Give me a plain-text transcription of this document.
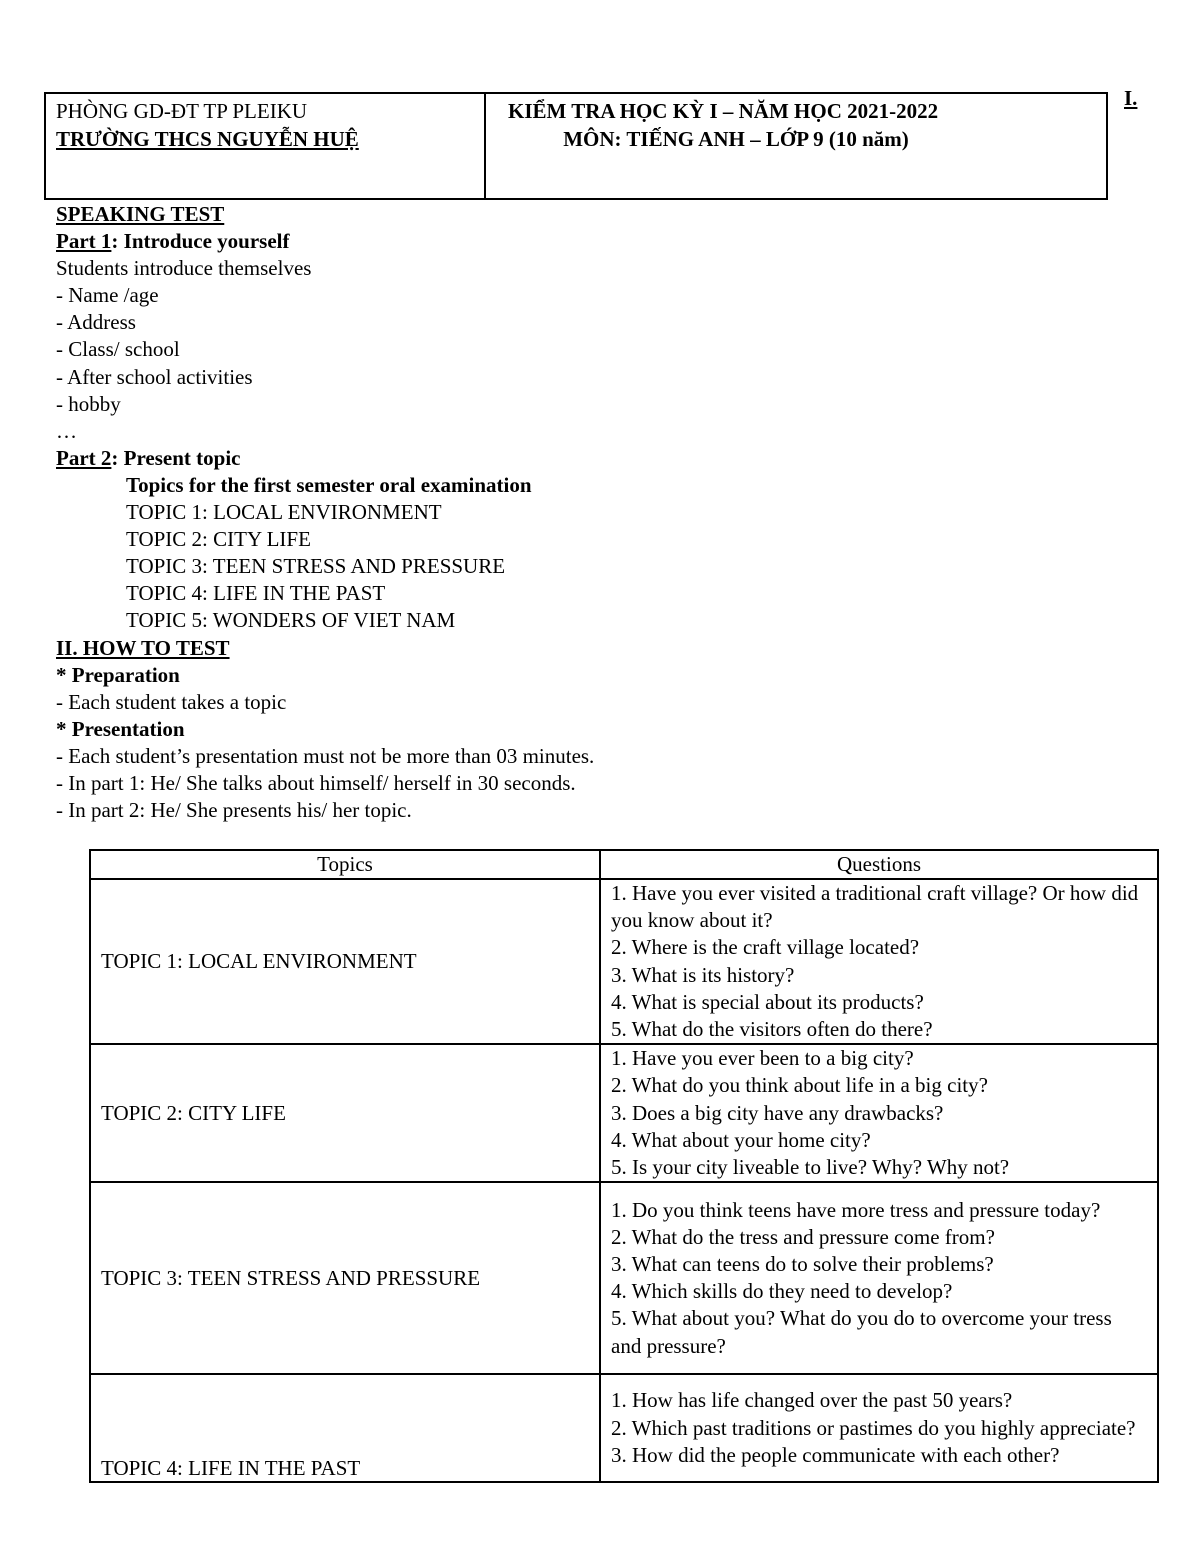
PHÒNG GD-ĐT TP PLEIKU
TRƯỜNG THCS NGUYỄN HUỆ
KIỂM TRA HỌC KỲ I – NĂM HỌC 2021-2022
MÔN: TIẾNG ANH – LỚP 9 (10 năm)
I.
SPEAKING TEST
Part 1: Introduce yourself
Students introduce themselves
- Name /age
- Address
- Class/ school
- After school activities
- hobby
…
Part 2: Present topic
Topics for the first semester oral examination
TOPIC 1: LOCAL ENVIRONMENT
TOPIC 2: CITY LIFE
TOPIC 3: TEEN STRESS AND PRESSURE
TOPIC 4: LIFE IN THE PAST
TOPIC 5: WONDERS OF VIET NAM
II. HOW TO TEST
* Preparation
- Each student takes a topic
* Presentation
- Each student’s presentation must not be more than 03 minutes.
- In part 1: He/ She talks about himself/ herself in 30 seconds.
- In part 2: He/ She presents his/ her topic.
Topics	Questions
TOPIC 1: LOCAL ENVIRONMENT	1. Have you ever visited a traditional craft village? Or how did you know about it?
2. Where is the craft village located?
3. What is its history?
4. What is special about its products?
5. What do the visitors often do there?

TOPIC 2: CITY LIFE	1. Have you ever been to a big city?
2. What do you think about life in a big city?
3. Does a big city have any drawbacks?
4. What about your home city?
5. Is your city liveable to live? Why? Why not?

TOPIC 3: TEEN STRESS AND PRESSURE	1. Do you think teens have more tress and pressure today?
2. What do the tress and pressure come from?
3. What can teens do to solve their problems?
4. Which skills do they need to develop?
5. What about you? What do you do to overcome your tress and pressure?

TOPIC 4: LIFE IN THE PAST	1. How has life changed over the past 50 years?
2. Which past traditions or pastimes do you highly appreciate?
3. How did the people communicate with each other?
